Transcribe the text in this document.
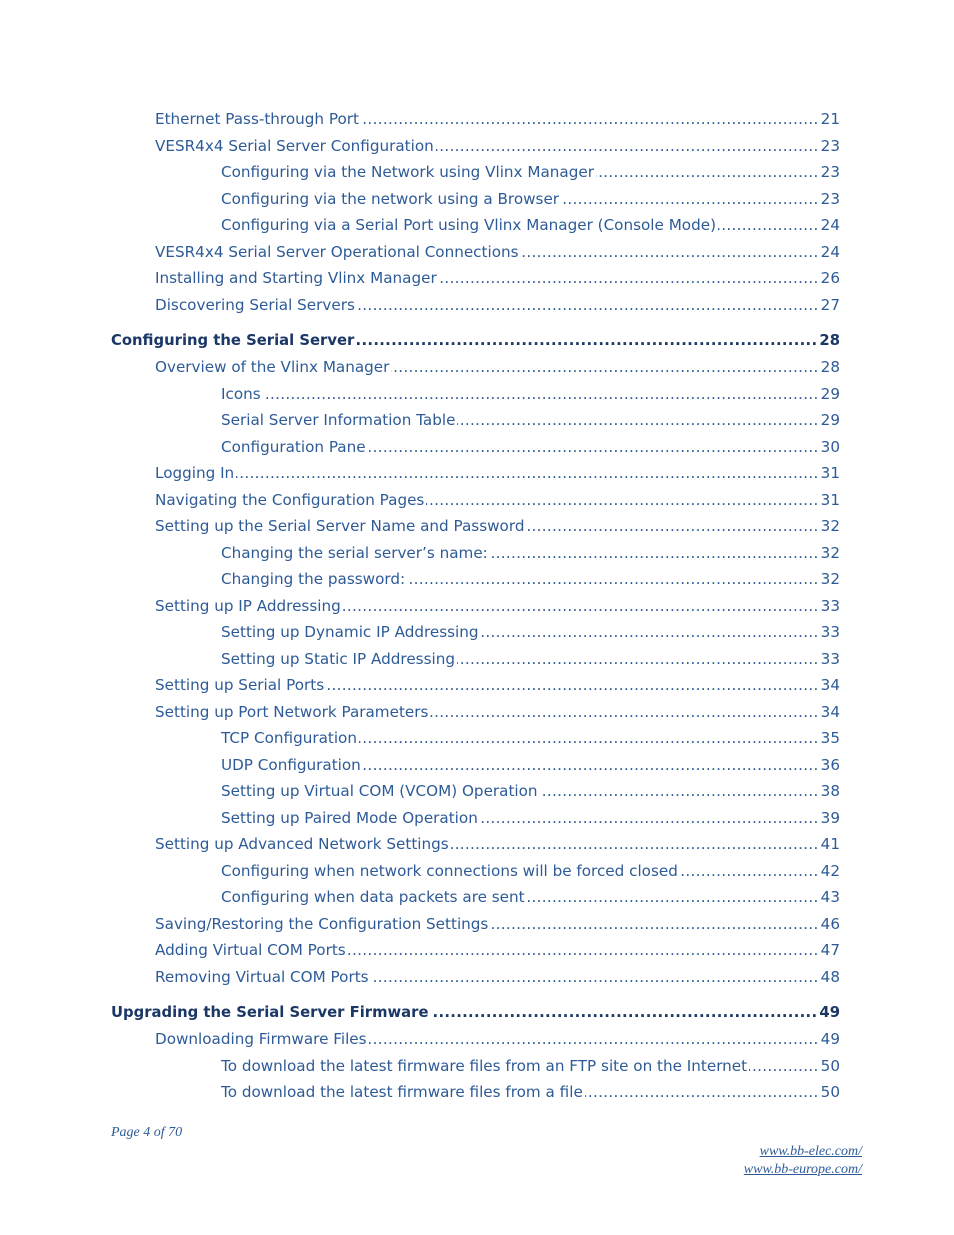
Ethernet Pass-through Port .....	21
VESR4x4 Serial Server Configuration .....	23
Configuring via the Network using Vlinx Manager .....	23
Configuring via the network using a Browser .....	23
Configuring via a Serial Port using Vlinx Manager (Console Mode) .....	24
VESR4x4 Serial Server Operational Connections .....	24
Installing and Starting Vlinx Manager .....	26
Discovering Serial Servers .....	27
Configuring the Serial Server .....	28
Overview of the Vlinx Manager .....	28
Icons .....	29
Serial Server Information Table .....	29
Configuration Pane .....	30
Logging In .....	31
Navigating the Configuration Pages .....	31
Setting up the Serial Server Name and Password .....	32
Changing the serial server’s name: .....	32
Changing the password: .....	32
Setting up IP Addressing .....	33
Setting up Dynamic IP Addressing .....	33
Setting up Static IP Addressing .....	33
Setting up Serial Ports .....	34
Setting up Port Network Parameters .....	34
TCP Configuration .....	35
UDP Configuration .....	36
Setting up Virtual COM (VCOM) Operation .....	38
Setting up Paired Mode Operation .....	39
Setting up Advanced Network Settings .....	41
Configuring when network connections will be forced closed .....	42
Configuring when data packets are sent .....	43
Saving/Restoring the Configuration Settings .....	46
Adding Virtual COM Ports .....	47
Removing Virtual COM Ports .....	48
Upgrading the Serial Server Firmware .....	49
Downloading Firmware Files .....	49
To download the latest firmware files from an FTP site on the Internet .....	50
To download the latest firmware files from a file .....	50
Page 4 of 70
www.bb-elec.com/
www.bb-europe.com/
